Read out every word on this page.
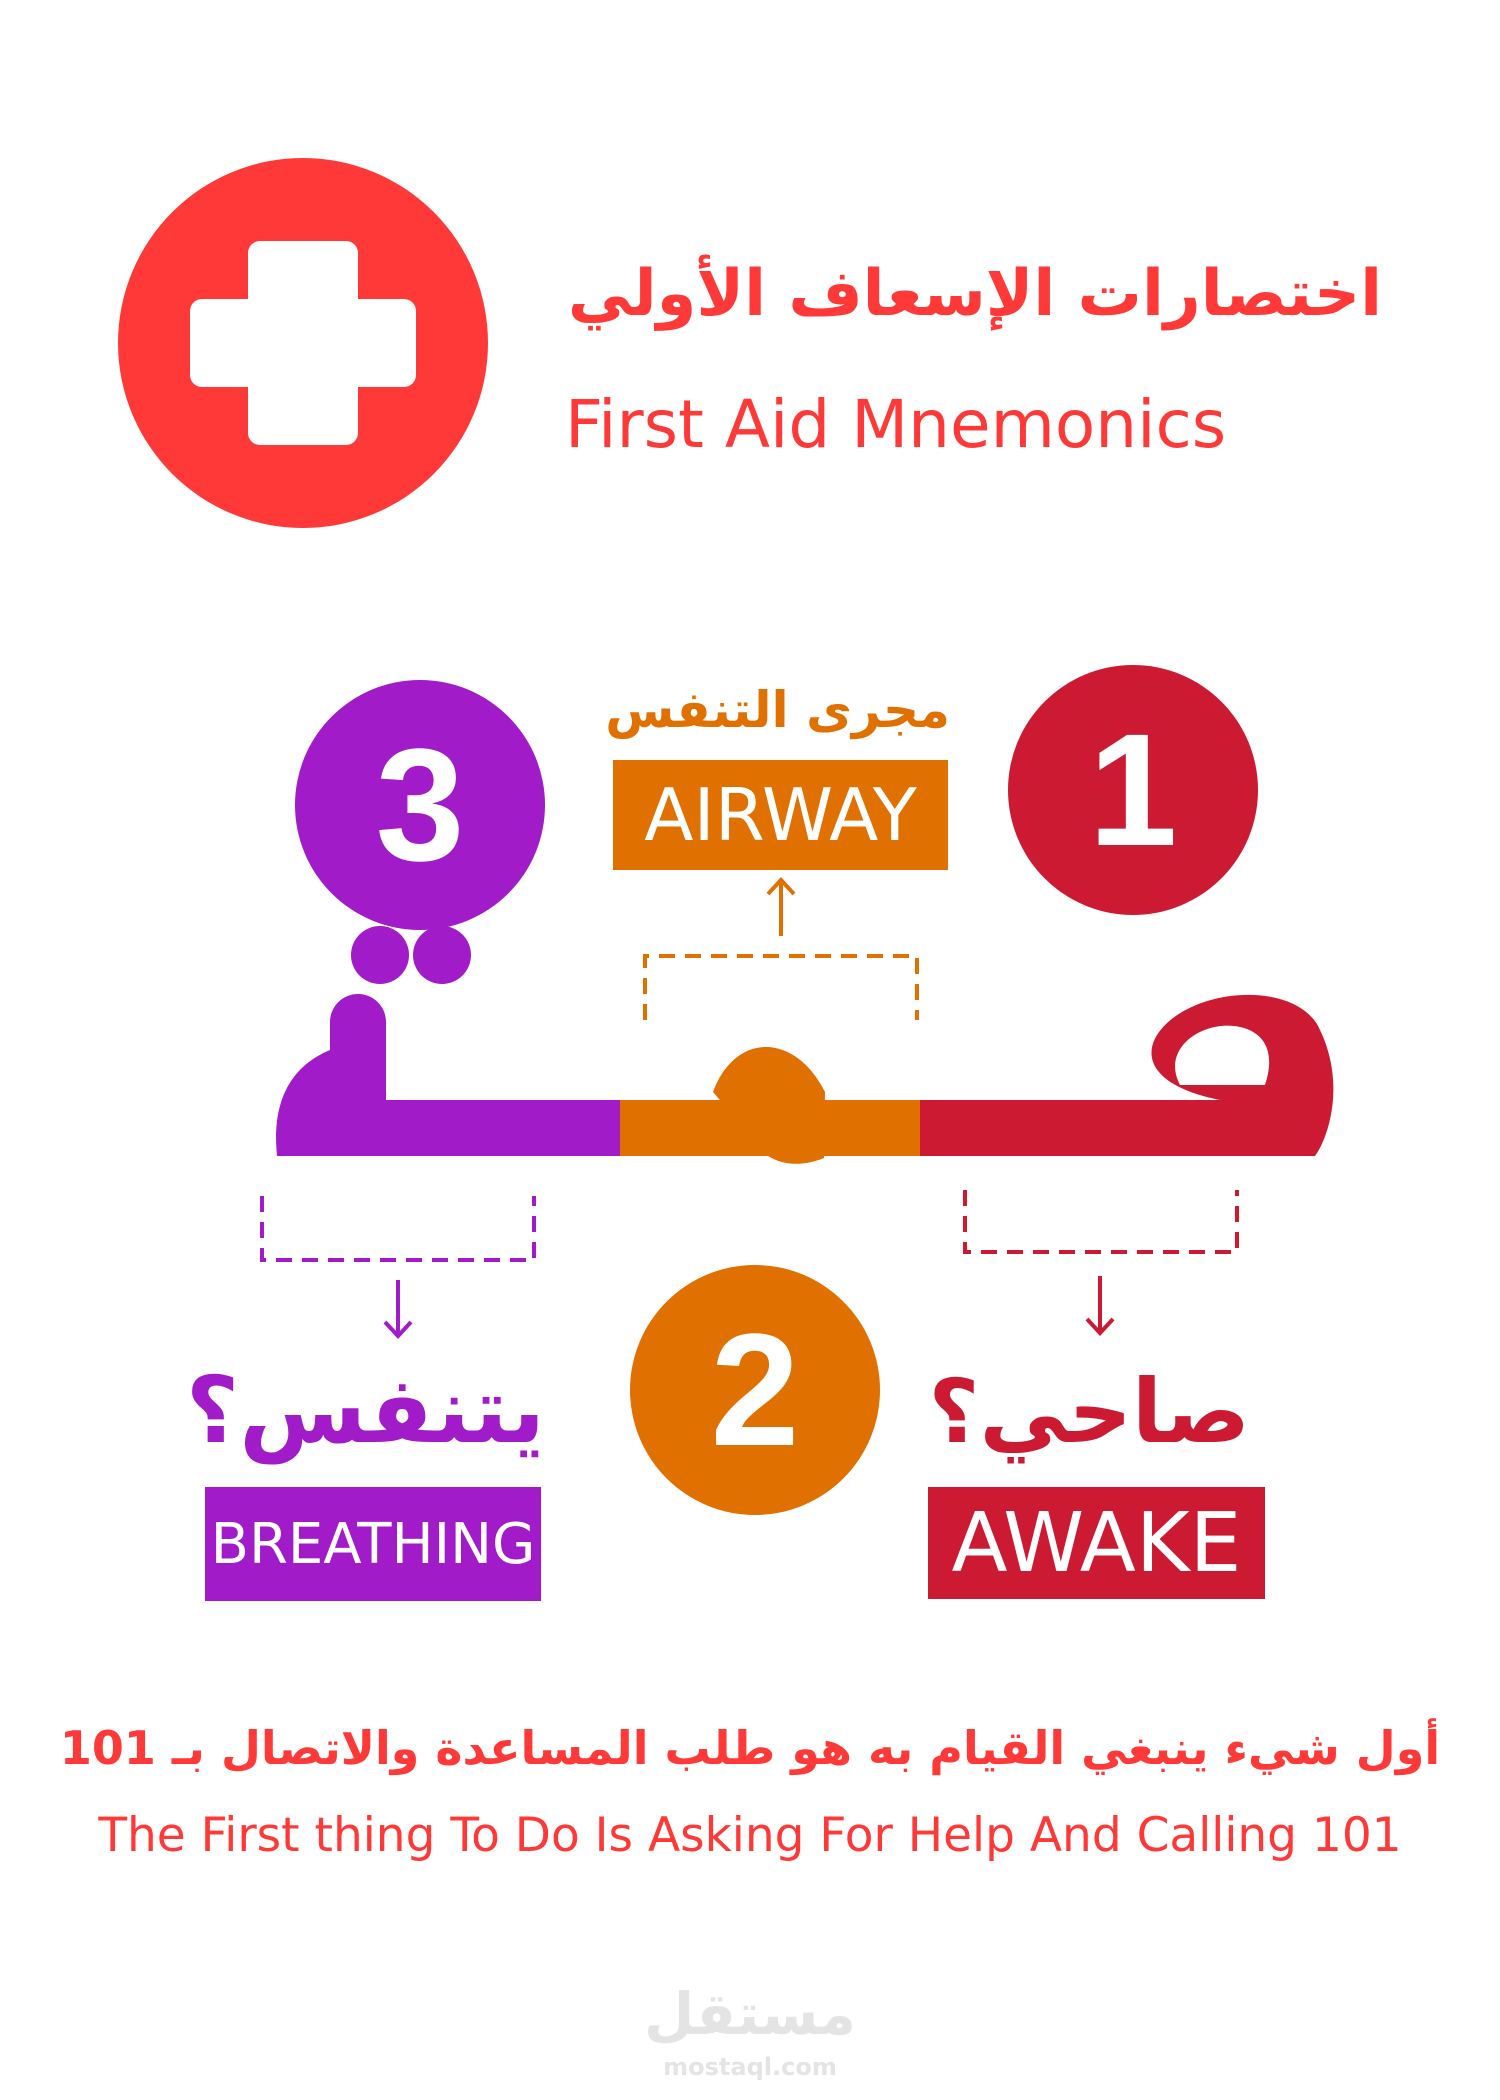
اختصارات الإسعاف الأولي
First Aid Mnemonics
3	1
2
مجرى التنفس
AIRWAY
صاحي؟
AWAKE
يتنفس؟
BREATHING
أول شيء ينبغي القيام به هو طلب المساعدة والاتصال بـ 101
The First thing To Do Is Asking For Help And Calling 101
مستقل
mostaql.com
